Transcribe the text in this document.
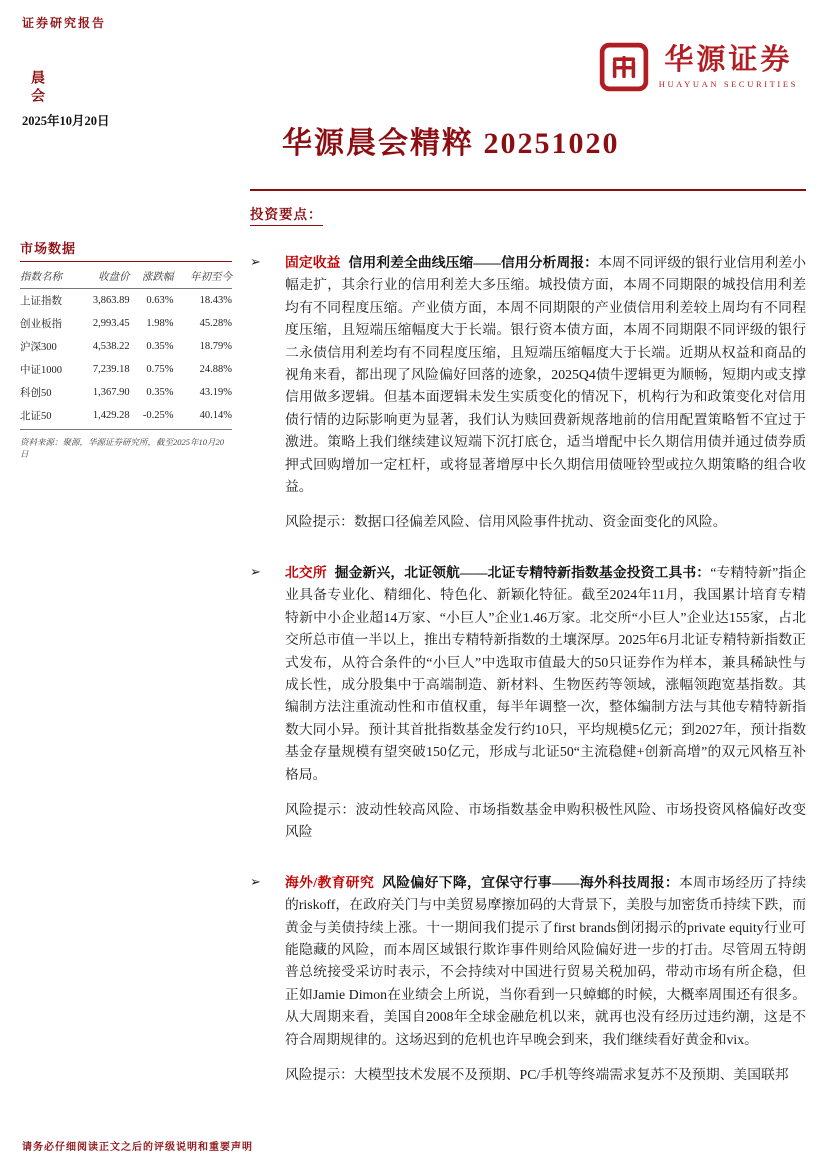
证券研究报告
华源证券
HUAYUAN SECURITIES
晨会
2025年10月20日
华源晨会精粹 20251020
投资要点：
市场数据
指数名称	收盘价	涨跌幅	年初至今
上证指数	3,863.89	0.63%	18.43%
创业板指	2,993.45	1.98%	45.28%
沪深300	4,538.22	0.35%	18.79%
中证1000	7,239.18	0.75%	24.88%
科创50	1,367.90	0.35%	43.19%
北证50	1,429.28	-0.25%	40.14%
资料来源：聚源，华源证券研究所，截至2025年10月20日
➢	固定收益 信用利差全曲线压缩——信用分析周报：本周不同评级的银行业信用利差小幅走扩，其余行业的信用利差大多压缩。城投债方面，本周不同期限的城投信用利差均有不同程度压缩。产业债方面，本周不同期限的产业债信用利差较上周均有不同程度压缩，且短端压缩幅度大于长端。银行资本债方面，本周不同期限不同评级的银行二永债信用利差均有不同程度压缩，且短端压缩幅度大于长端。近期从权益和商品的视角来看，都出现了风险偏好回落的迹象，2025Q4债牛逻辑更为顺畅，短期内或支撑信用做多逻辑。但基本面逻辑未发生实质变化的情况下，机构行为和政策变化对信用债行情的边际影响更为显著，我们认为赎回费新规落地前的信用配置策略暂不宜过于激进。策略上我们继续建议短端下沉打底仓，适当增配中长久期信用债并通过债券质押式回购增加一定杠杆，或将显著增厚中长久期信用债哑铃型或拉久期策略的组合收益。

风险提示：数据口径偏差风险、信用风险事件扰动、资金面变化的风险。

➢	北交所 掘金新兴，北证领航——北证专精特新指数基金投资工具书：“专精特新”指企业具备专业化、精细化、特色化、新颖化特征。截至2024年11月，我国累计培育专精特新中小企业超14万家、“小巨人”企业1.46万家。北交所“小巨人”企业达155家，占北交所总市值一半以上，推出专精特新指数的土壤深厚。2025年6月北证专精特新指数正式发布，从符合条件的“小巨人”中选取市值最大的50只证券作为样本，兼具稀缺性与成长性，成分股集中于高端制造、新材料、生物医药等领域，涨幅领跑宽基指数。其编制方法注重流动性和市值权重，每半年调整一次，整体编制方法与其他专精特新指数大同小异。预计其首批指数基金发行约10只，平均规模5亿元；到2027年，预计指数基金存量规模有望突破150亿元，形成与北证50“主流稳健+创新高增”的双元风格互补格局。

风险提示：波动性较高风险、市场指数基金申购积极性风险、市场投资风格偏好改变风险

➢	海外/教育研究 风险偏好下降，宜保守行事——海外科技周报：本周市场经历了持续的riskoff，在政府关门与中美贸易摩擦加码的大背景下，美股与加密货币持续下跌，而黄金与美债持续上涨。十一期间我们提示了first brands倒闭揭示的private equity行业可能隐藏的风险，而本周区域银行欺诈事件则给风险偏好进一步的打击。尽管周五特朗普总统接受采访时表示，不会持续对中国进行贸易关税加码，带动市场有所企稳，但正如Jamie Dimon在业绩会上所说，当你看到一只蟑螂的时候，大概率周围还有很多。从大周期来看，美国自2008年全球金融危机以来，就再也没有经历过违约潮，这是不符合周期规律的。这场迟到的危机也许早晚会到来，我们继续看好黄金和vix。

风险提示：大模型技术发展不及预期、PC/手机等终端需求复苏不及预期、美国联邦

请务必仔细阅读正文之后的评级说明和重要声明
